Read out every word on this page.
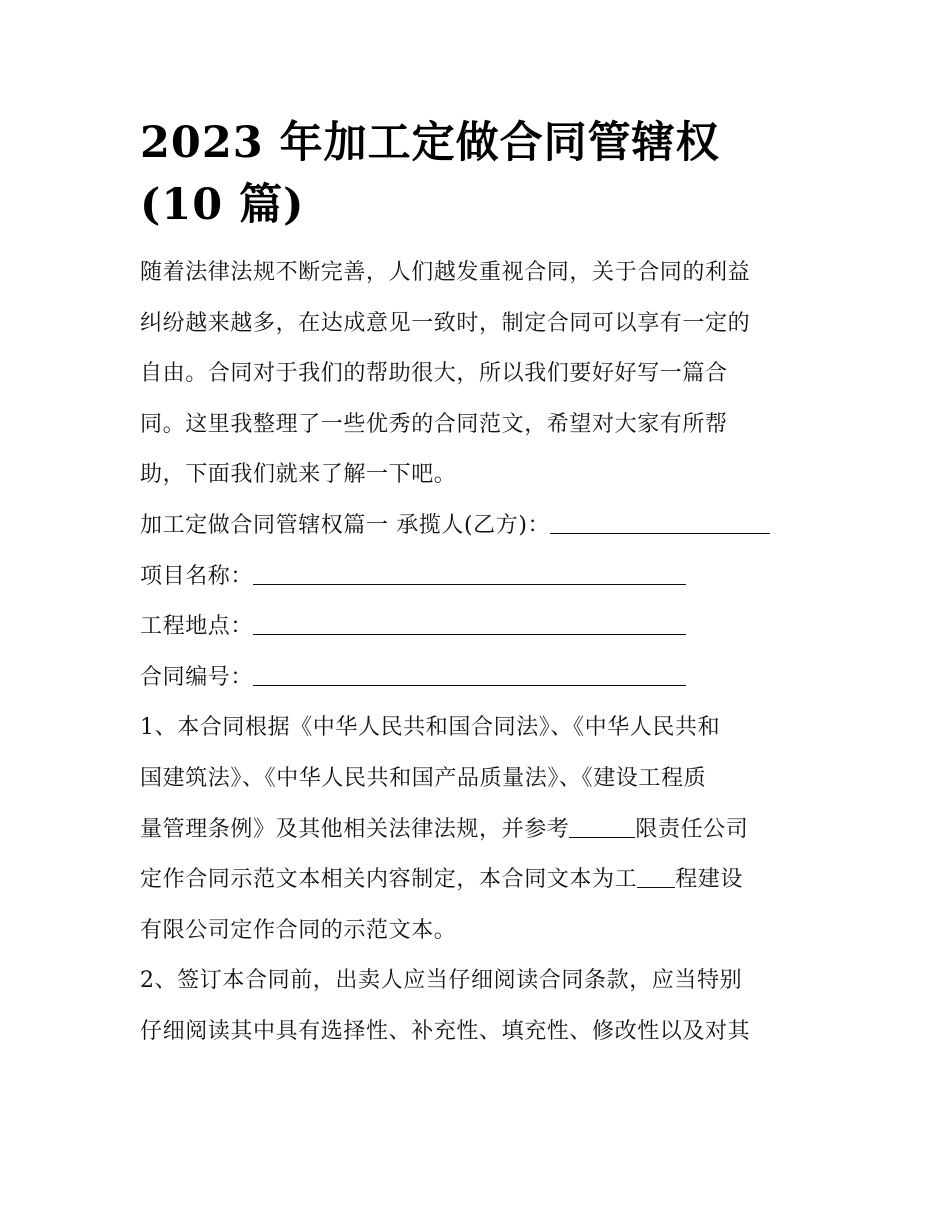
2023 年加工定做合同管辖权
(10 篇)
随着法律法规不断完善，人们越发重视合同，关于合同的利益
纠纷越来越多，在达成意见一致时，制定合同可以享有一定的
自由。合同对于我们的帮助很大，所以我们要好好写一篇合
同。这里我整理了一些优秀的合同范文，希望对大家有所帮
助，下面我们就来了解一下吧。
加工定做合同管辖权篇一 承揽人(乙方)：
项目名称：
工程地点：
合同编号：
1、本合同根据《中华人民共和国合同法》、《中华人民共和
国建筑法》、《中华人民共和国产品质量法》、《建设工程质
量管理条例》及其他相关法律法规，并参考	限责任公司
定作合同示范文本相关内容制定，本合同文本为工 程建设
有限公司定作合同的示范文本。
2、签订本合同前，出卖人应当仔细阅读合同条款，应当特别
仔细阅读其中具有选择性、补充性、填充性、修改性以及对其
